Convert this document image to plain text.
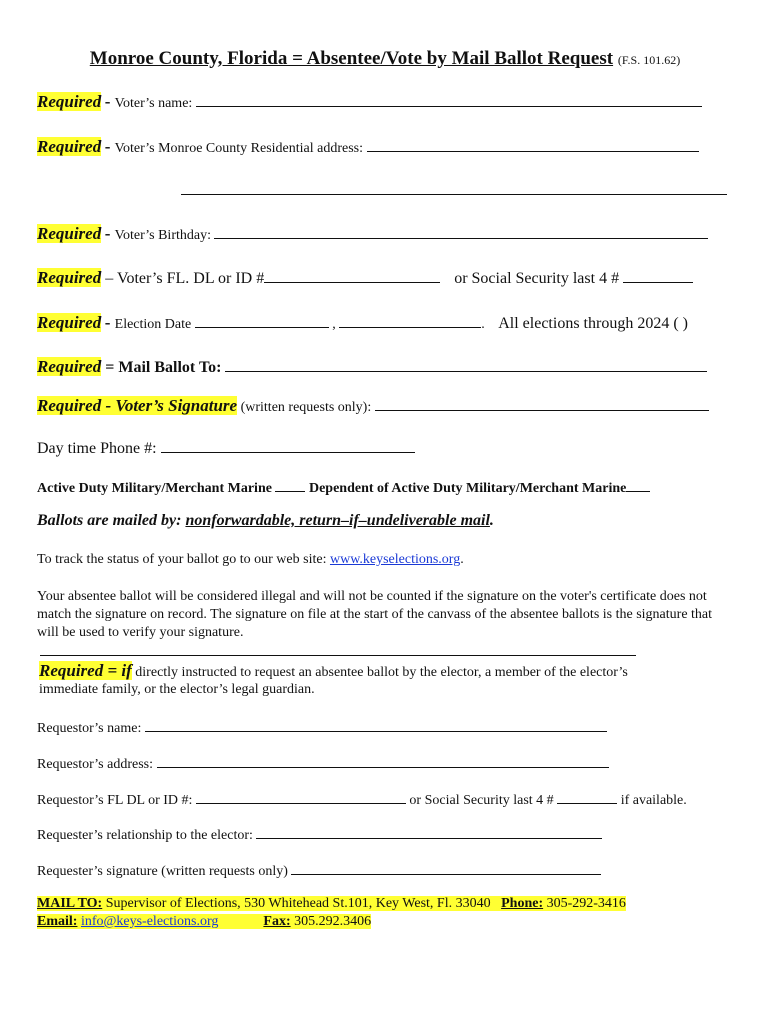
Monroe County, Florida = Absentee/Vote by Mail Ballot Request (F.S. 101.62)
Required - Voter’s name:
Required - Voter’s Monroe County Residential address:
Required - Voter’s Birthday:
Required – Voter’s FL. DL or ID #	or Social Security last 4 #
Required - Election Date	,	. All elections through 2024 ( )
Required = Mail Ballot To:
Required - Voter’s Signature (written requests only):
Day time Phone #:
Active Duty Military/Merchant Marine	Dependent of Active Duty Military/Merchant Marine
Ballots are mailed by: nonforwardable, return–if–undeliverable mail.
To track the status of your ballot go to our web site: www.keyselections.org.
Your absentee ballot will be considered illegal and will not be counted if the signature on the voter's certificate does not match the signature on record. The signature on file at the start of the canvass of the absentee ballots is the signature that will be used to verify your signature.
Required = if directly instructed to request an absentee ballot by the elector, a member of the elector’s
immediate family, or the elector’s legal guardian.
Requestor’s name:
Requestor’s address:
Requestor’s FL DL or ID #:	or Social Security last 4 #	if available.
Requester’s relationship to the elector:
Requester’s signature (written requests only)
MAIL TO: Supervisor of Elections, 530 Whitehead St.101, Key West, Fl. 33040 Phone: 305-292-3416
Email: info@keys-elections.org	Fax: 305.292.3406
